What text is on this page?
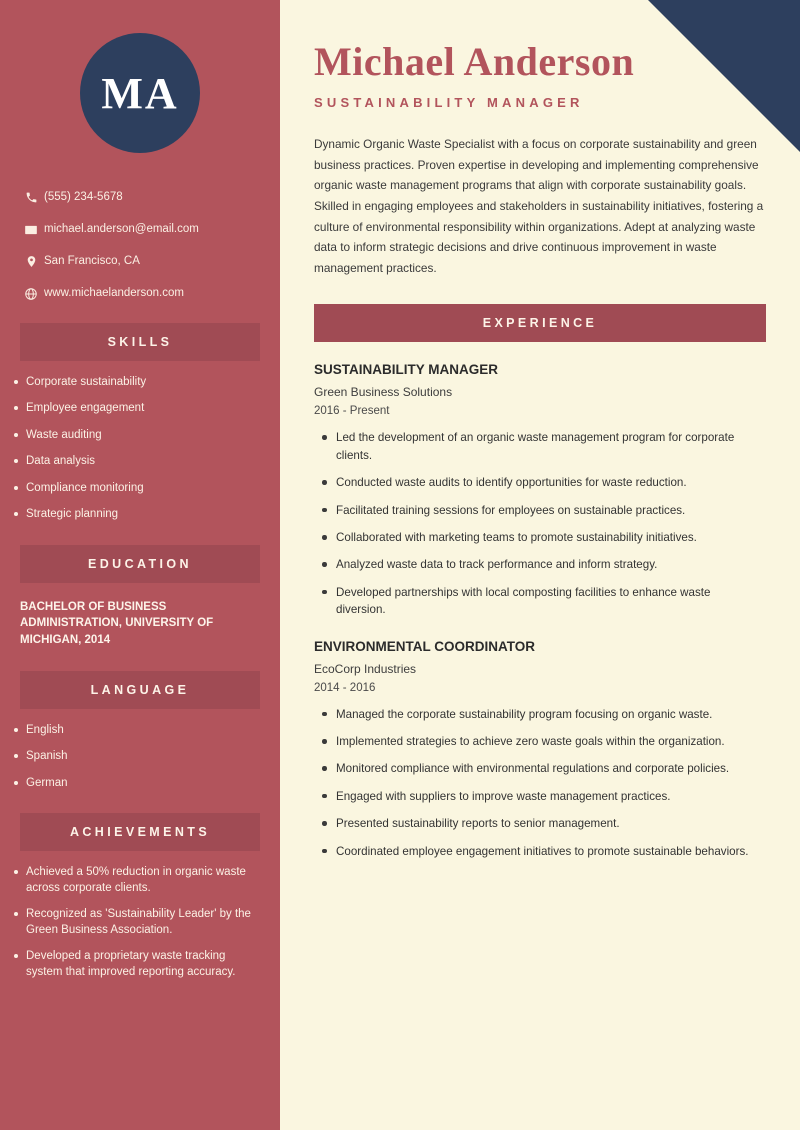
MA
(555) 234-5678
michael.anderson@email.com
San Francisco, CA
www.michaelanderson.com
SKILLS
Corporate sustainability
Employee engagement
Waste auditing
Data analysis
Compliance monitoring
Strategic planning
EDUCATION
BACHELOR OF BUSINESS ADMINISTRATION, UNIVERSITY OF MICHIGAN, 2014
LANGUAGE
English
Spanish
German
ACHIEVEMENTS
Achieved a 50% reduction in organic waste across corporate clients.
Recognized as 'Sustainability Leader' by the Green Business Association.
Developed a proprietary waste tracking system that improved reporting accuracy.
Michael Anderson
SUSTAINABILITY MANAGER

Dynamic Organic Waste Specialist with a focus on corporate sustainability and green business practices. Proven expertise in developing and implementing comprehensive organic waste management programs that align with corporate sustainability goals. Skilled in engaging employees and stakeholders in sustainability initiatives, fostering a culture of environmental responsibility within organizations. Adept at analyzing waste data to inform strategic decisions and drive continuous improvement in waste management practices.

EXPERIENCE
SUSTAINABILITY MANAGER

Green Business Solutions

2016 - Present

Led the development of an organic waste management program for corporate clients.
Conducted waste audits to identify opportunities for waste reduction.
Facilitated training sessions for employees on sustainable practices.
Collaborated with marketing teams to promote sustainability initiatives.
Analyzed waste data to track performance and inform strategy.
Developed partnerships with local composting facilities to enhance waste diversion.
ENVIRONMENTAL COORDINATOR

EcoCorp Industries

2014 - 2016

Managed the corporate sustainability program focusing on organic waste.
Implemented strategies to achieve zero waste goals within the organization.
Monitored compliance with environmental regulations and corporate policies.
Engaged with suppliers to improve waste management practices.
Presented sustainability reports to senior management.
Coordinated employee engagement initiatives to promote sustainable behaviors.
